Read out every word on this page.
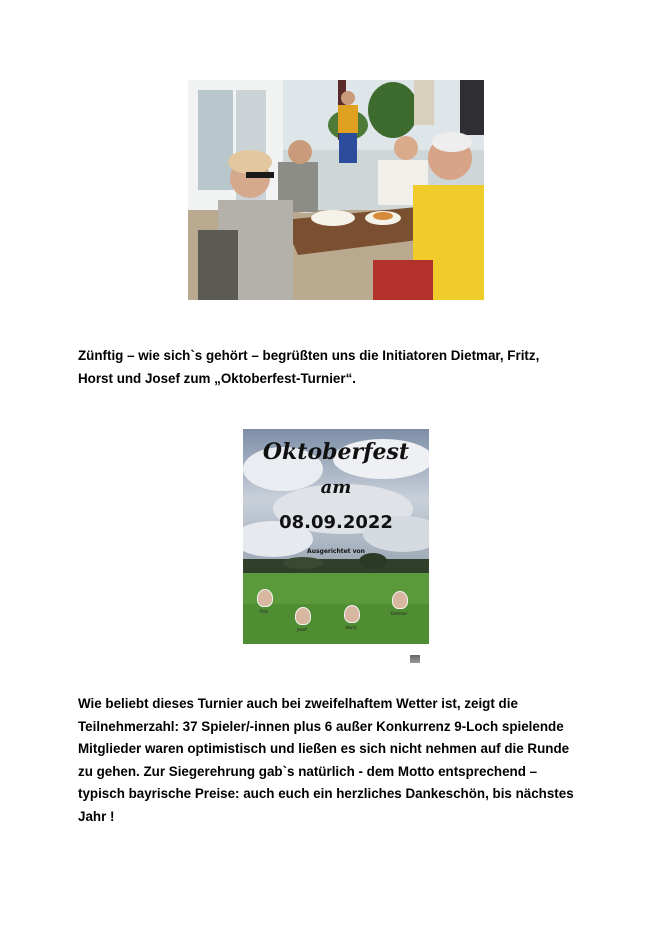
Zünftig – wie sich`s gehört – begrüßten uns die Initiatoren Dietmar, Fritz,
Horst und Josef zum „Oktoberfest-Turnier“.

Oktoberfest

am

08.09.2022

Ausgerichtet von

Fritz
Josef	Horst
Dietmar

Wie beliebt dieses Turnier auch bei zweifelhaftem Wetter ist, zeigt die
Teilnehmerzahl: 37 Spieler/-innen plus 6 außer Konkurrenz 9-Loch spielende
Mitglieder waren optimistisch und ließen es sich nicht nehmen auf die Runde
zu gehen. Zur Siegerehrung gab`s natürlich - dem Motto entsprechend –
typisch bayrische Preise: auch euch ein herzliches Dankeschön, bis nächstes
Jahr !
